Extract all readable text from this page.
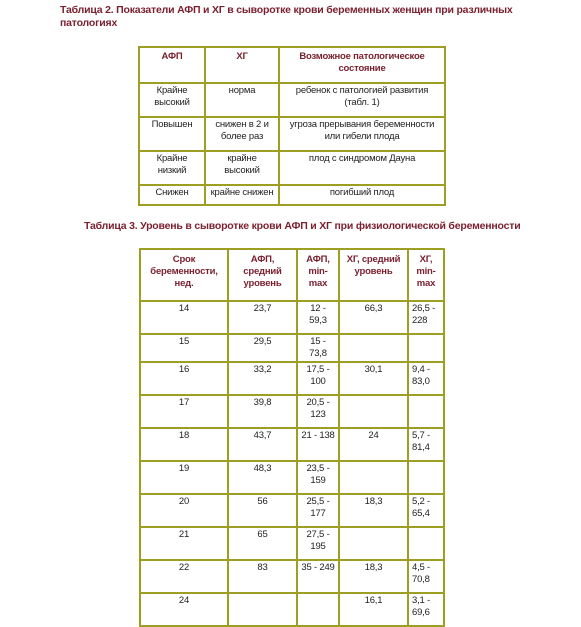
Таблица 2. Показатели АФП и ХГ в сыворотке крови беременных женщин при различных патологиях
АФП	ХГ	Возможное патологическое состояние
Крайне высокий	норма	ребенок с патологией развития (табл. 1)
Повышен	снижен в 2 и более раз	угроза прерывания беременности или гибели плода
Крайне низкий	крайне высокий	плод с синдромом Дауна
Снижен	крайне снижен	погибший плод
Таблица 3. Уровень в сыворотке крови АФП и ХГ при физиологической беременности
Срок беременности, нед.	АФП, средний уровень	АФП, min-max	ХГ, средний уровень	ХГ, min-max
14	23,7	12 - 59,3	66,3	26,5 - 228
15	29,5	15 - 73,8		
16	33,2	17,5 - 100	30,1	9,4 - 83,0
17	39,8	20,5 - 123		
18	43,7	21 - 138	24	5,7 - 81,4
19	48,3	23,5 - 159		
20	56	25,5 - 177	18,3	5,2 - 65,4
21	65	27,5 - 195		
22	83	35 - 249	18,3	4,5 - 70,8
24			16,1	3,1 - 69,6
